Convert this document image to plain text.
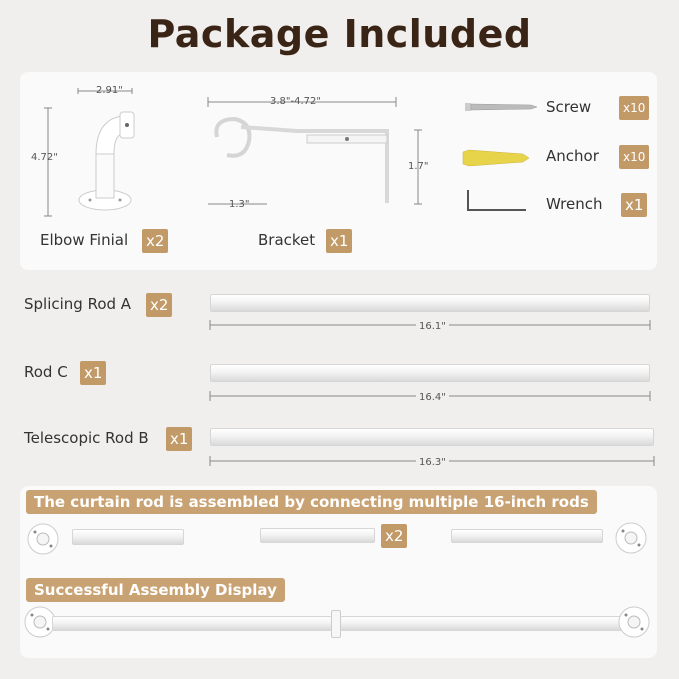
Package Included
2.91"
4.72"
Elbow Finial x2
3.8"-4.72"
1.7"
1.3"
Bracket x1
Screw	x10
Anchor	x10
Wrench x1
Splicing Rod A x2
16.1"
Rod C x1
16.4"
Telescopic Rod B x1
16.3"
The curtain rod is assembled by connecting multiple 16-inch rods
x2
Successful Assembly Display
